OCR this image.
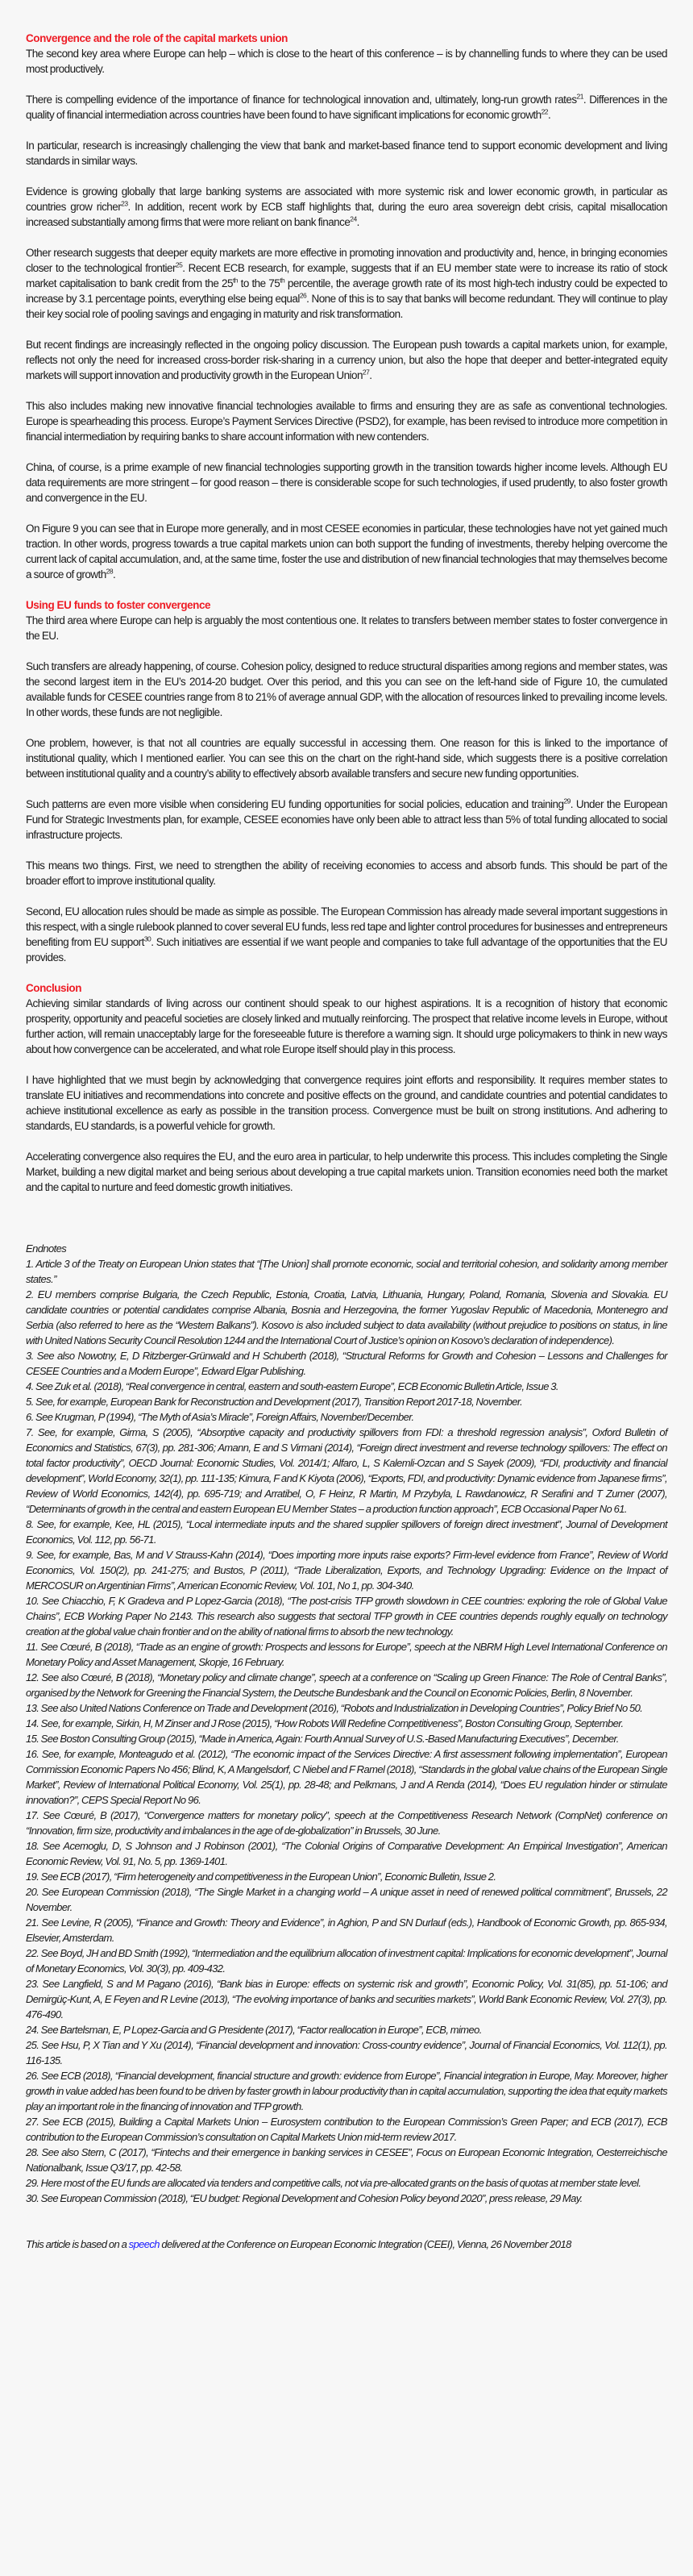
Convergence and the role of the capital markets union

The second key area where Europe can help – which is close to the heart of this conference – is by channelling funds to where they can be used most productively.

There is compelling evidence of the importance of finance for technological innovation and, ultimately, long-run growth rates$^{21}$. Differences in the quality of financial intermediation across countries have been found to have significant implications for economic growth$^{22}$.

In particular, research is increasingly challenging the view that bank and market-based finance tend to support economic development and living standards in similar ways.

Evidence is growing globally that large banking systems are associated with more systemic risk and lower economic growth, in particular as countries grow richer$^{23}$. In addition, recent work by ECB staff highlights that, during the euro area sovereign debt crisis, capital misallocation increased substantially among firms that were more reliant on bank finance$^{24}$.

Other research suggests that deeper equity markets are more effective in promoting innovation and productivity and, hence, in bringing economies closer to the technological frontier$^{25}$. Recent ECB research, for example, suggests that if an EU member state were to increase its ratio of stock market capitalisation to bank credit from the 25th to the 75th percentile, the average growth rate of its most high-tech industry could be expected to increase by 3.1 percentage points, everything else being equal$^{26}$. None of this is to say that banks will become redundant. They will continue to play their key social role of pooling savings and engaging in maturity and risk transformation.

But recent findings are increasingly reflected in the ongoing policy discussion. The European push towards a capital markets union, for example, reflects not only the need for increased cross-border risk-sharing in a currency union, but also the hope that deeper and better-integrated equity markets will support innovation and productivity growth in the European Union$^{27}$.

This also includes making new innovative financial technologies available to firms and ensuring they are as safe as conventional technologies. Europe is spearheading this process. Europe’s Payment Services Directive (PSD2), for example, has been revised to introduce more competition in financial intermediation by requiring banks to share account information with new contenders.

China, of course, is a prime example of new financial technologies supporting growth in the transition towards higher income levels. Although EU data requirements are more stringent – for good reason – there is considerable scope for such technologies, if used prudently, to also foster growth and convergence in the EU.

On Figure 9 you can see that in Europe more generally, and in most CESEE economies in particular, these technologies have not yet gained much traction. In other words, progress towards a true capital markets union can both support the funding of investments, thereby helping overcome the current lack of capital accumulation, and, at the same time, foster the use and distribution of new financial technologies that may themselves become a source of growth$^{28}$.

Using EU funds to foster convergence

The third area where Europe can help is arguably the most contentious one. It relates to transfers between member states to foster convergence in the EU.

Such transfers are already happening, of course. Cohesion policy, designed to reduce structural disparities among regions and member states, was the second largest item in the EU’s 2014-20 budget. Over this period, and this you can see on the left-hand side of Figure 10, the cumulated available funds for CESEE countries range from 8 to 21% of average annual GDP, with the allocation of resources linked to prevailing income levels. In other words, these funds are not negligible.

One problem, however, is that not all countries are equally successful in accessing them. One reason for this is linked to the importance of institutional quality, which I mentioned earlier. You can see this on the chart on the right-hand side, which suggests there is a positive correlation between institutional quality and a country’s ability to effectively absorb available transfers and secure new funding opportunities.

Such patterns are even more visible when considering EU funding opportunities for social policies, education and training$^{29}$. Under the European Fund for Strategic Investments plan, for example, CESEE economies have only been able to attract less than 5% of total funding allocated to social infrastructure projects.

This means two things. First, we need to strengthen the ability of receiving economies to access and absorb funds. This should be part of the broader effort to improve institutional quality.

Second, EU allocation rules should be made as simple as possible. The European Commission has already made several important suggestions in this respect, with a single rulebook planned to cover several EU funds, less red tape and lighter control procedures for businesses and entrepreneurs benefiting from EU support$^{30}$. Such initiatives are essential if we want people and companies to take full advantage of the opportunities that the EU provides.

Conclusion

Achieving similar standards of living across our continent should speak to our highest aspirations. It is a recognition of history that economic prosperity, opportunity and peaceful societies are closely linked and mutually reinforcing. The prospect that relative income levels in Europe, without further action, will remain unacceptably large for the foreseeable future is therefore a warning sign. It should urge policymakers to think in new ways about how convergence can be accelerated, and what role Europe itself should play in this process.

I have highlighted that we must begin by acknowledging that convergence requires joint efforts and responsibility. It requires member states to translate EU initiatives and recommendations into concrete and positive effects on the ground, and candidate countries and potential candidates to achieve institutional excellence as early as possible in the transition process. Convergence must be built on strong institutions. And adhering to standards, EU standards, is a powerful vehicle for growth.

Accelerating convergence also requires the EU, and the euro area in particular, to help underwrite this process. This includes completing the Single Market, building a new digital market and being serious about developing a true capital markets union. Transition economies need both the market and the capital to nurture and feed domestic growth initiatives.

Endnotes
1. Article 3 of the Treaty on European Union states that “[The Union] shall promote economic, social and territorial cohesion, and solidarity among member states.”
2. EU members comprise Bulgaria, the Czech Republic, Estonia, Croatia, Latvia, Lithuania, Hungary, Poland, Romania, Slovenia and Slovakia. EU candidate countries or potential candidates comprise Albania, Bosnia and Herzegovina, the former Yugoslav Republic of Macedonia, Montenegro and Serbia (also referred to here as the “Western Balkans”). Kosovo is also included subject to data availability (without prejudice to positions on status, in line with United Nations Security Council Resolution 1244 and the International Court of Justice’s opinion on Kosovo’s declaration of independence).
3. See also Nowotny, E, D Ritzberger-Grünwald and H Schuberth (2018), “Structural Reforms for Growth and Cohesion – Lessons and Challenges for CESEE Countries and a Modern Europe”, Edward Elgar Publishing.
4. See Zuk et al. (2018), “Real convergence in central, eastern and south-eastern Europe”, ECB Economic Bulletin Article, Issue 3.
5. See, for example, European Bank for Reconstruction and Development (2017), Transition Report 2017-18, November.
6. See Krugman, P (1994), “The Myth of Asia’s Miracle”, Foreign Affairs, November/December.
7. See, for example, Girma, S (2005), “Absorptive capacity and productivity spillovers from FDI: a threshold regression analysis”, Oxford Bulletin of Economics and Statistics, 67(3), pp. 281-306; Amann, E and S Virmani (2014), “Foreign direct investment and reverse technology spillovers: The effect on total factor productivity”, OECD Journal: Economic Studies, Vol. 2014/1; Alfaro, L, S Kalemli-Ozcan and S Sayek (2009), “FDI, productivity and financial development”, World Economy, 32(1), pp. 111-135; Kimura, F and K Kiyota (2006), “Exports, FDI, and productivity: Dynamic evidence from Japanese firms”, Review of World Economics, 142(4), pp. 695-719; and Arratibel, O, F Heinz, R Martin, M Przybyla, L Rawdanowicz, R Serafini and T Zumer (2007), “Determinants of growth in the central and eastern European EU Member States – a production function approach”, ECB Occasional Paper No 61.
8. See, for example, Kee, HL (2015), “Local intermediate inputs and the shared supplier spillovers of foreign direct investment”, Journal of Development Economics, Vol. 112, pp. 56-71.
9. See, for example, Bas, M and V Strauss-Kahn (2014), “Does importing more inputs raise exports? Firm-level evidence from France”, Review of World Economics, Vol. 150(2), pp. 241-275; and Bustos, P (2011), “Trade Liberalization, Exports, and Technology Upgrading: Evidence on the Impact of MERCOSUR on Argentinian Firms”, American Economic Review, Vol. 101, No 1, pp. 304-340.
10. See Chiacchio, F, K Gradeva and P Lopez-Garcia (2018), “The post-crisis TFP growth slowdown in CEE countries: exploring the role of Global Value Chains”, ECB Working Paper No 2143. This research also suggests that sectoral TFP growth in CEE countries depends roughly equally on technology creation at the global value chain frontier and on the ability of national firms to absorb the new technology.
11. See Cœuré, B (2018), “Trade as an engine of growth: Prospects and lessons for Europe”, speech at the NBRM High Level International Conference on Monetary Policy and Asset Management, Skopje, 16 February.
12. See also Cœuré, B (2018), “Monetary policy and climate change”, speech at a conference on “Scaling up Green Finance: The Role of Central Banks”, organised by the Network for Greening the Financial System, the Deutsche Bundesbank and the Council on Economic Policies, Berlin, 8 November.
13. See also United Nations Conference on Trade and Development (2016), “Robots and Industrialization in Developing Countries”, Policy Brief No 50.
14. See, for example, Sirkin, H, M Zinser and J Rose (2015), “How Robots Will Redefine Competitiveness”, Boston Consulting Group, September.
15. See Boston Consulting Group (2015), “Made in America, Again: Fourth Annual Survey of U.S.-Based Manufacturing Executives”, December.
16. See, for example, Monteagudo et al. (2012), “The economic impact of the Services Directive: A first assessment following implementation”, European Commission Economic Papers No 456; Blind, K, A Mangelsdorf, C Niebel and F Ramel (2018), “Standards in the global value chains of the European Single Market”, Review of International Political Economy, Vol. 25(1), pp. 28-48; and Pelkmans, J and A Renda (2014), “Does EU regulation hinder or stimulate innovation?”, CEPS Special Report No 96.
17. See Cœuré, B (2017), “Convergence matters for monetary policy”, speech at the Competitiveness Research Network (CompNet) conference on “Innovation, firm size, productivity and imbalances in the age of de-globalization” in Brussels, 30 June.
18. See Acemoglu, D, S Johnson and J Robinson (2001), “The Colonial Origins of Comparative Development: An Empirical Investigation”, American Economic Review, Vol. 91, No. 5, pp. 1369-1401.
19. See ECB (2017), “Firm heterogeneity and competitiveness in the European Union”, Economic Bulletin, Issue 2.
20. See European Commission (2018), “The Single Market in a changing world – A unique asset in need of renewed political commitment”, Brussels, 22 November.
21. See Levine, R (2005), “Finance and Growth: Theory and Evidence”, in Aghion, P and SN Durlauf (eds.), Handbook of Economic Growth, pp. 865-934, Elsevier, Amsterdam.
22. See Boyd, JH and BD Smith (1992), “Intermediation and the equilibrium allocation of investment capital: Implications for economic development”, Journal of Monetary Economics, Vol. 30(3), pp. 409-432.
23. See Langfield, S and M Pagano (2016), “Bank bias in Europe: effects on systemic risk and growth”, Economic Policy, Vol. 31(85), pp. 51-106; and Demirgüç-Kunt, A, E Feyen and R Levine (2013), “The evolving importance of banks and securities markets”, World Bank Economic Review, Vol. 27(3), pp. 476-490.
24. See Bartelsman, E, P Lopez-Garcia and G Presidente (2017), “Factor reallocation in Europe”, ECB, mimeo.
25. See Hsu, P, X Tian and Y Xu (2014), “Financial development and innovation: Cross-country evidence”, Journal of Financial Economics, Vol. 112(1), pp. 116-135.
26. See ECB (2018), “Financial development, financial structure and growth: evidence from Europe”, Financial integration in Europe, May. Moreover, higher growth in value added has been found to be driven by faster growth in labour productivity than in capital accumulation, supporting the idea that equity markets play an important role in the financing of innovation and TFP growth.
27. See ECB (2015), Building a Capital Markets Union – Eurosystem contribution to the European Commission’s Green Paper; and ECB (2017), ECB contribution to the European Commission’s consultation on Capital Markets Union mid-term review 2017.
28. See also Stern, C (2017), “Fintechs and their emergence in banking services in CESEE”, Focus on European Economic Integration, Oesterreichische Nationalbank, Issue Q3/17, pp. 42-58.
29. Here most of the EU funds are allocated via tenders and competitive calls, not via pre-allocated grants on the basis of quotas at member state level.
30. See European Commission (2018), “EU budget: Regional Development and Cohesion Policy beyond 2020”, press release, 29 May.
This article is based on a speech delivered at the Conference on European Economic Integration (CEEI), Vienna, 26 November 2018
